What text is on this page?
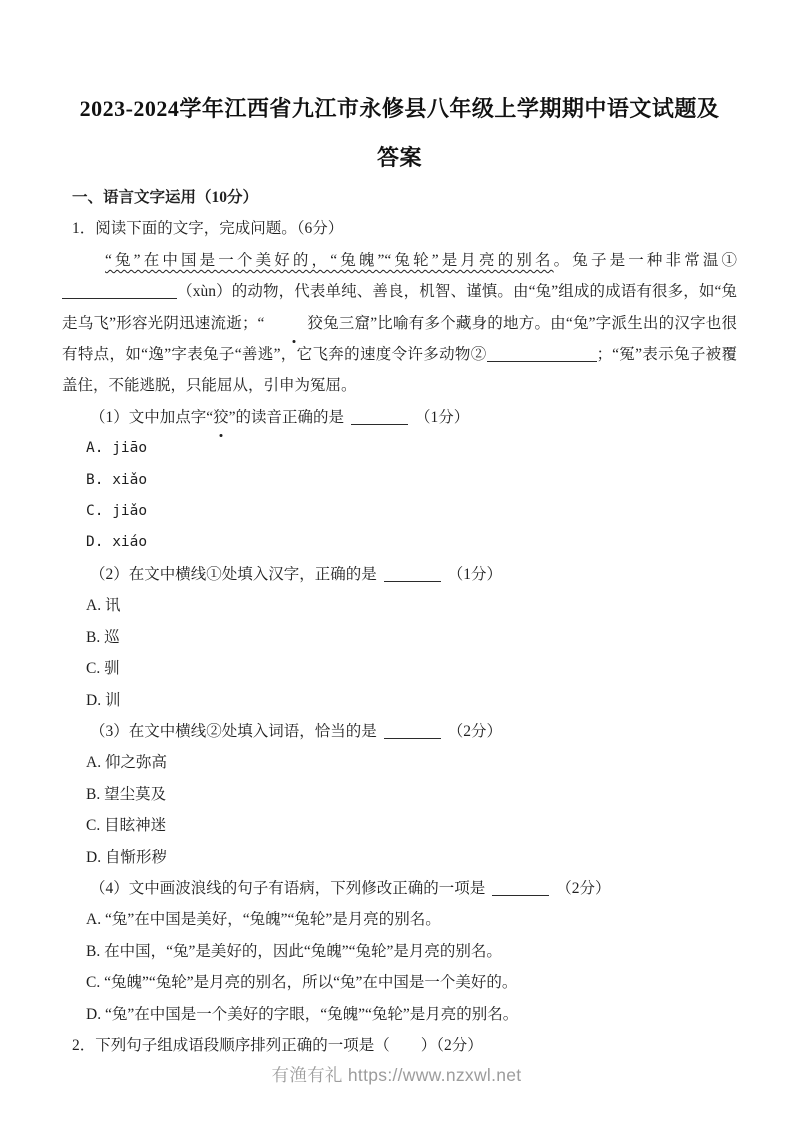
2023-2024学年江西省九江市永修县八年级上学期期中语文试题及答案
一、语言文字运用（10分）
1．阅读下面的文字，完成问题。（6分）

“兔”在中国是一个美好的，“兔魄”“兔轮”是月亮的别名。兔子是一种非常温①（xùn）的动物，代表单纯、善良，机智、谨慎。由“兔”组成的成语有很多，如“兔走乌飞”形容光阴迅速流逝；“	狡兔三窟”比喻有多个藏身的地方。由“兔”字派生出的汉字也很有特点，如“逸”字表兔子“善逃”，它飞奔的速度令许多动物②	；“冤”表示兔子被覆盖住，不能逃脱，只能屈从，引申为冤屈。

（1）文中加点字“狡”的读音正确的是	（1分）
A. jiāo
B. xiǎo
C. jiǎo
D. xiáo
（2）在文中横线①处填入汉字，正确的是	（1分）
A. 讯
B. 巡
C. 驯
D. 训
（3）在文中横线②处填入词语，恰当的是	（2分）
A. 仰之弥高
B. 望尘莫及
C. 目眩神迷
D. 自惭形秽
（4）文中画波浪线的句子有语病，下列修改正确的一项是	（2分）
A. “兔”在中国是美好，“兔魄”“兔轮”是月亮的别名。
B. 在中国，“兔”是美好的，因此“兔魄”“兔轮”是月亮的别名。
C. “兔魄”“兔轮”是月亮的别名，所以“兔”在中国是一个美好的。
D. “兔”在中国是一个美好的字眼，“兔魄”“兔轮”是月亮的别名。
2．下列句子组成语段顺序排列正确的一项是（　　）（2分）
有渔有礼 https://www.nzxwl.net
